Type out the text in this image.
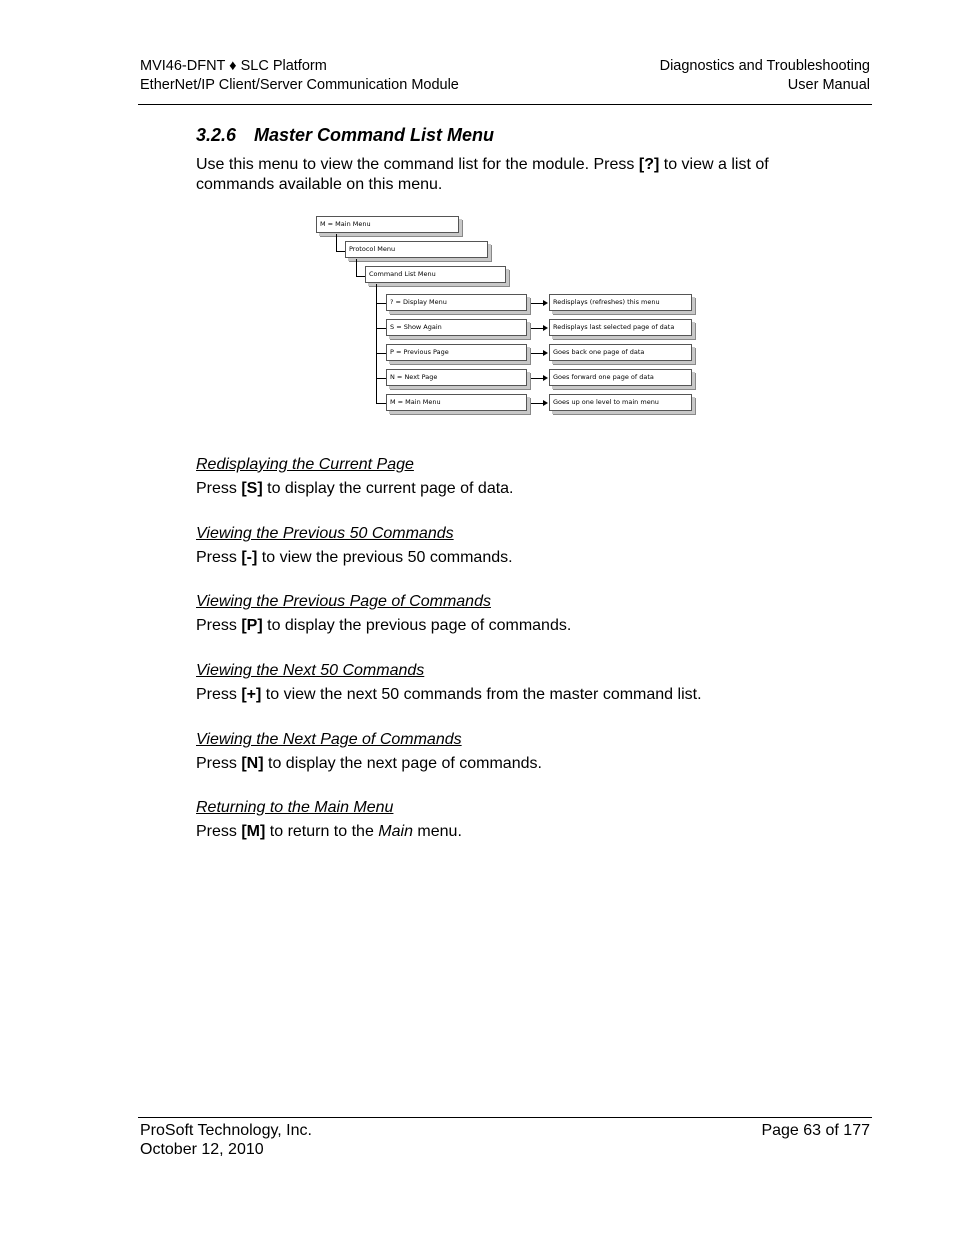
MVI46-DFNT ♦ SLC Platform
EtherNet/IP Client/Server Communication Module
Diagnostics and Troubleshooting
User Manual
3.2.6 Master Command List Menu
Use this menu to view the command list for the module. Press [?] to view a list of commands available on this menu.
M = Main Menu
Protocol Menu
Command List Menu
? = Display Menu	Redisplays (refreshes) this menu
S = Show Again	Redisplays last selected page of data
P = Previous Page	Goes back one page of data
N = Next Page	Goes forward one page of data
M = Main Menu	Goes up one level to main menu
Redisplaying the Current Page
Press [S] to display the current page of data.
Viewing the Previous 50 Commands
Press [-] to view the previous 50 commands.
Viewing the Previous Page of Commands
Press [P] to display the previous page of commands.
Viewing the Next 50 Commands
Press [+] to view the next 50 commands from the master command list.
Viewing the Next Page of Commands
Press [N] to display the next page of commands.
Returning to the Main Menu
Press [M] to return to the Main menu.
ProSoft Technology, Inc.
October 12, 2010
Page 63 of 177
